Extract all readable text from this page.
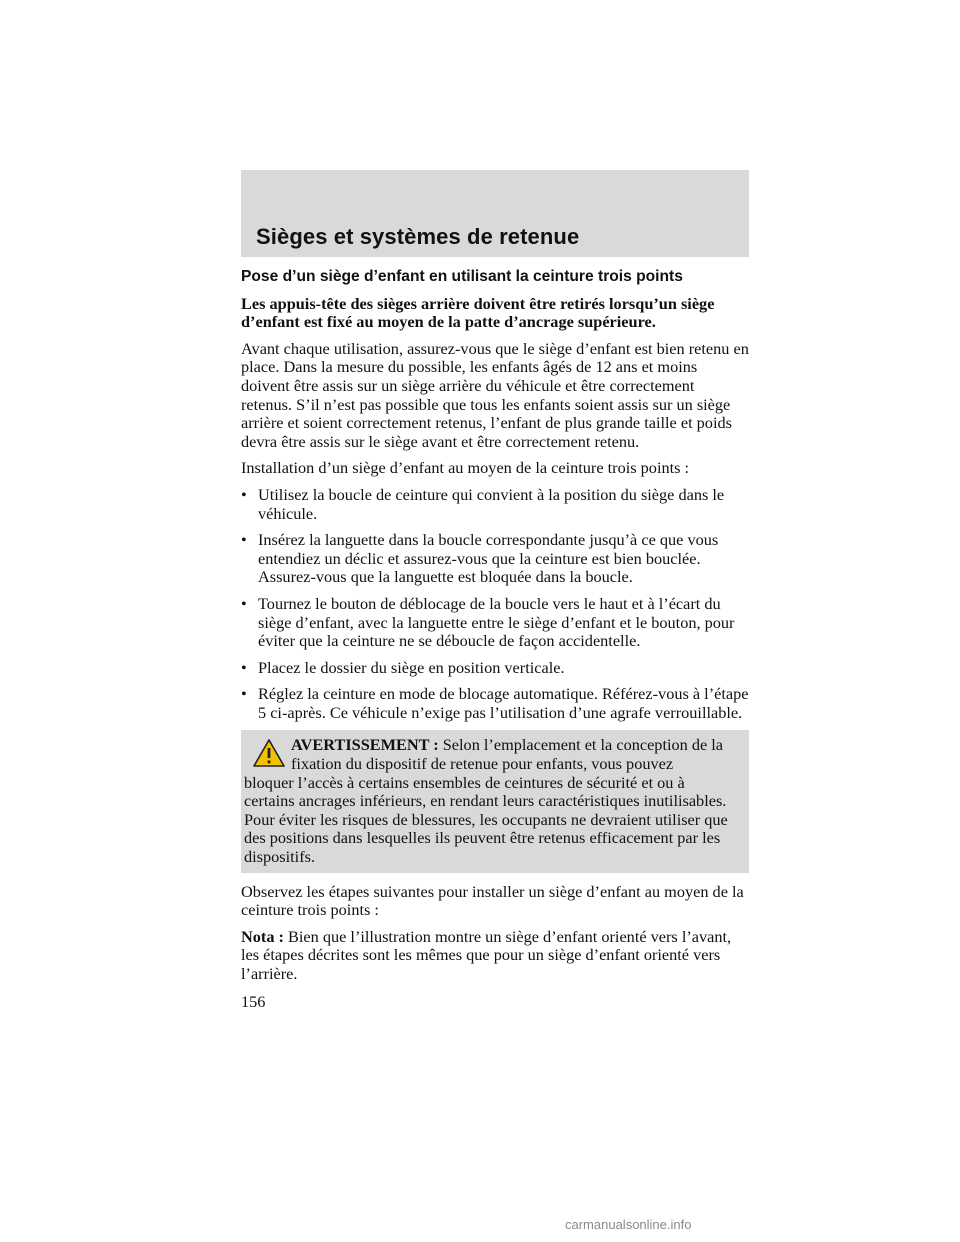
Sièges et systèmes de retenue
Pose d’un siège d’enfant en utilisant la ceinture trois points
Les appuis-tête des sièges arrière doivent être retirés lorsqu’un siège d’enfant est fixé au moyen de la patte d’ancrage supérieure.

Avant chaque utilisation, assurez-vous que le siège d’enfant est bien retenu en place. Dans la mesure du possible, les enfants âgés de 12 ans et moins doivent être assis sur un siège arrière du véhicule et être correctement retenus. S’il n’est pas possible que tous les enfants soient assis sur un siège arrière et soient correctement retenus, l’enfant de plus grande taille et poids devra être assis sur le siège avant et être correctement retenu.

Installation d’un siège d’enfant au moyen de la ceinture trois points :

• Utilisez la boucle de ceinture qui convient à la position du siège dans le véhicule.
• Insérez la languette dans la boucle correspondante jusqu’à ce que vous entendiez un déclic et assurez-vous que la ceinture est bien bouclée. Assurez-vous que la languette est bloquée dans la boucle.
• Tournez le bouton de déblocage de la boucle vers le haut et à l’écart du siège d’enfant, avec la languette entre le siège d’enfant et le bouton, pour éviter que la ceinture ne se déboucle de façon accidentelle.
• Placez le dossier du siège en position verticale.
• Réglez la ceinture en mode de blocage automatique. Référez-vous à l’étape 5 ci-après. Ce véhicule n’exige pas l’utilisation d’une agrafe verrouillable.
AVERTISSEMENT : Selon l’emplacement et la conception de la fixation du dispositif de retenue pour enfants, vous pouvez
bloquer l’accès à certains ensembles de ceintures de sécurité et ou à certains ancrages inférieurs, en rendant leurs caractéristiques inutilisables. Pour éviter les risques de blessures, les occupants ne devraient utiliser que des positions dans lesquelles ils peuvent être retenus efficacement par les dispositifs.

Observez les étapes suivantes pour installer un siège d’enfant au moyen de la ceinture trois points :

Nota : Bien que l’illustration montre un siège d’enfant orienté vers l’avant, les étapes décrites sont les mêmes que pour un siège d’enfant orienté vers l’arrière.

156
carmanualsonline.info
